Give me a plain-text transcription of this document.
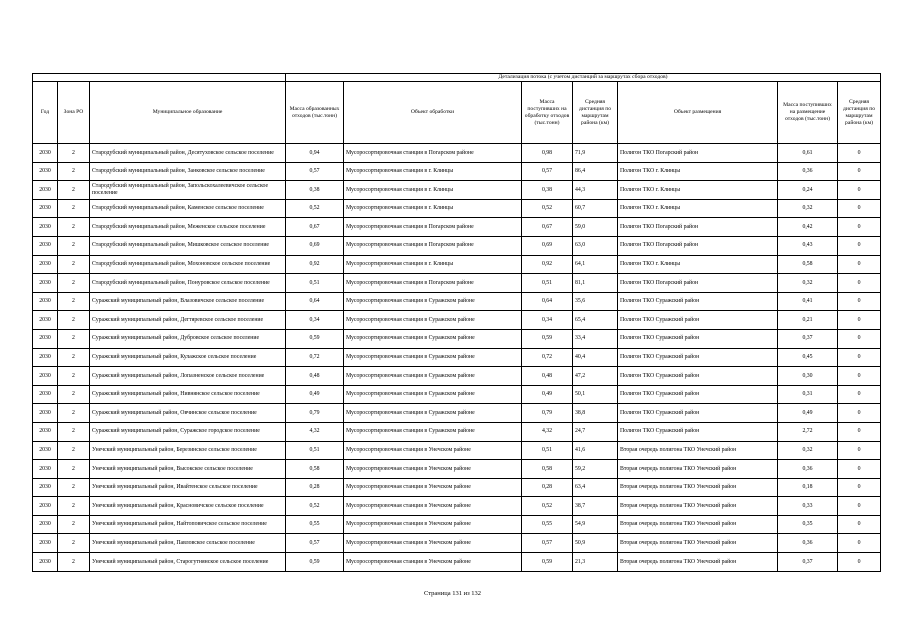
			Детализация потока (с учетом дистанций за маршрутах сбора отходов)						
Год	Зона РО	Муниципальное образование	Масса образованных отходов (тыс.тонн)	Объект обработки	Масса поступивших на обработку отходов (тыс.тонн)	Средняя дистанция по маршрутам района (км)	Объект размещения	Масса поступивших на размещение отходов (тыс.тонн)	Средняя дистанция по маршрутам района (км)
2030	2	Стародубский муниципальный район, Десятуховское сельское поселение	0,94	Мусоросортировочная станция в Погарском районе	0,98	71,9	Полигон ТКО Погарский район	0,61	0
2030	2	Стародубский муниципальный район, Занковское сельское поселение	0,57	Мусоросортировочная станция в г. Клинцы	0,57	86,4	Полигон ТКО г. Клинцы	0,36	0
2030	2	Стародубский муниципальный район, Запольскохалеевичское сельское поселение	0,38	Мусоросортировочная станция в г. Клинцы	0,38	44,3	Полигон ТКО г. Клинцы	0,24	0
2030	2	Стародубский муниципальный район, Каменское сельское поселение	0,52	Мусоросортировочная станция в г. Клинцы	0,52	60,7	Полигон ТКО г. Клинцы	0,32	0
2030	2	Стародубский муниципальный район, Меженское сельское поселение	0,67	Мусоросортировочная станция в Погарском районе	0,67	59,0	Полигон ТКО Погарский район	0,42	0
2030	2	Стародубский муниципальный район, Мишковское сельское поселение	0,69	Мусоросортировочная станция в Погарском районе	0,69	63,0	Полигон ТКО Погарский район	0,43	0
2030	2	Стародубский муниципальный район, Мохоновское сельское поселение	0,92	Мусоросортировочная станция в г. Клинцы	0,92	64,1	Полигон ТКО г. Клинцы	0,58	0
2030	2	Стародубский муниципальный район, Понуровское сельское поселение	0,51	Мусоросортировочная станция в Погарском районе	0,51	81,1	Полигон ТКО Погарский район	0,32	0
2030	2	Суражский муниципальный район, Влазовичское сельское поселение	0,64	Мусоросортировочная станция в Суражском районе	0,64	35,6	Полигон ТКО Суражский район	0,41	0
2030	2	Суражский муниципальный район, Дегтяревское сельское поселение	0,34	Мусоросортировочная станция в Суражском районе	0,34	65,4	Полигон ТКО Суражский район	0,21	0
2030	2	Суражский муниципальный район, Дубровское сельское поселение	0,59	Мусоросортировочная станция в Суражском районе	0,59	33,4	Полигон ТКО Суражский район	0,37	0
2030	2	Суражский муниципальный район, Кулажское сельское поселение	0,72	Мусоросортировочная станция в Суражском районе	0,72	40,4	Полигон ТКО Суражский район	0,45	0
2030	2	Суражский муниципальный район, Лопазненское сельское поселение	0,48	Мусоросортировочная станция в Суражском районе	0,48	47,2	Полигон ТКО Суражский район	0,30	0
2030	2	Суражский муниципальный район, Нивнянское сельское поселение	0,49	Мусоросортировочная станция в Суражском районе	0,49	50,1	Полигон ТКО Суражский район	0,31	0
2030	2	Суражский муниципальный район, Овчинское сельское поселение	0,79	Мусоросортировочная станция в Суражском районе	0,79	38,8	Полигон ТКО Суражский район	0,49	0
2030	2	Суражский муниципальный район, Суражское городское поселение	4,32	Мусоросортировочная станция в Суражском районе	4,32	24,7	Полигон ТКО Суражский район	2,72	0
2030	2	Унечский муниципальный район, Березинское сельское поселение	0,51	Мусоросортировочная станция в Унечском районе	0,51	41,6	Вторая очередь полигона ТКО Унечский район	0,32	0
2030	2	Унечский муниципальный район, Высокское сельское поселение	0,58	Мусоросортировочная станция в Унечском районе	0,58	59,2	Вторая очередь полигона ТКО Унечский район	0,36	0
2030	2	Унечский муниципальный район, Ивайтенское сельское поселение	0,28	Мусоросортировочная станция в Унечском районе	0,28	63,4	Вторая очередь полигона ТКО Унечский район	0,18	0
2030	2	Унечский муниципальный район, Красновичское сельское поселение	0,52	Мусоросортировочная станция в Унечском районе	0,52	38,7	Вторая очередь полигона ТКО Унечский район	0,33	0
2030	2	Унечский муниципальный район, Найтоповичское сельское поселение	0,55	Мусоросортировочная станция в Унечском районе	0,55	54,9	Вторая очередь полигона ТКО Унечский район	0,35	0
2030	2	Унечский муниципальный район, Павловское сельское поселение	0,57	Мусоросортировочная станция в Унечском районе	0,57	50,9	Вторая очередь полигона ТКО Унечский район	0,36	0
2030	2	Унечский муниципальный район, Старогутнянское сельское поселение	0,59	Мусоросортировочная станция в Унечском районе	0,59	21,3	Вторая очередь полигона ТКО Унечский район	0,37	0
Страница 131 из 132
